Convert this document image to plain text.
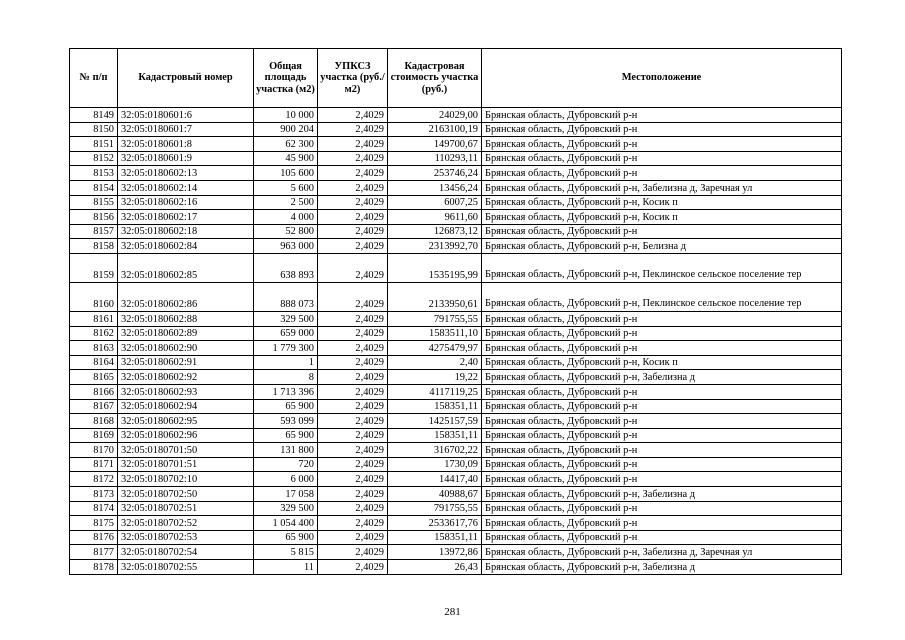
№ п/п	Кадастровый номер	Общая площадь участка (м2)	УПКСЗ участка (руб./м2)	Кадастровая стоимость участка (руб.)	Местоположение
8149	32:05:0180601:6	10 000	2,4029	24029,00	Брянская область, Дубровский р-н
8150	32:05:0180601:7	900 204	2,4029	2163100,19	Брянская область, Дубровский р-н
8151	32:05:0180601:8	62 300	2,4029	149700,67	Брянская область, Дубровский р-н
8152	32:05:0180601:9	45 900	2,4029	110293,11	Брянская область, Дубровский р-н
8153	32:05:0180602:13	105 600	2,4029	253746,24	Брянская область, Дубровский р-н
8154	32:05:0180602:14	5 600	2,4029	13456,24	Брянская область, Дубровский р-н, Забелизна д, Заречная ул
8155	32:05:0180602:16	2 500	2,4029	6007,25	Брянская область, Дубровский р-н, Косик п
8156	32:05:0180602:17	4 000	2,4029	9611,60	Брянская область, Дубровский р-н, Косик п
8157	32:05:0180602:18	52 800	2,4029	126873,12	Брянская область, Дубровский р-н
8158	32:05:0180602:84	963 000	2,4029	2313992,70	Брянская область, Дубровский р-н, Белизна д
8159	32:05:0180602:85	638 893	2,4029	1535195,99	Брянская область, Дубровский р-н, Пеклинское сельское поселение тер
8160	32:05:0180602:86	888 073	2,4029	2133950,61	Брянская область, Дубровский р-н, Пеклинское сельское поселение тер
8161	32:05:0180602:88	329 500	2,4029	791755,55	Брянская область, Дубровский р-н
8162	32:05:0180602:89	659 000	2,4029	1583511,10	Брянская область, Дубровский р-н
8163	32:05:0180602:90	1 779 300	2,4029	4275479,97	Брянская область, Дубровский р-н
8164	32:05:0180602:91	1	2,4029	2,40	Брянская область, Дубровский р-н, Косик п
8165	32:05:0180602:92	8	2,4029	19,22	Брянская область, Дубровский р-н, Забелизна д
8166	32:05:0180602:93	1 713 396	2,4029	4117119,25	Брянская область, Дубровский р-н
8167	32:05:0180602:94	65 900	2,4029	158351,11	Брянская область, Дубровский р-н
8168	32:05:0180602:95	593 099	2,4029	1425157,59	Брянская область, Дубровский р-н
8169	32:05:0180602:96	65 900	2,4029	158351,11	Брянская область, Дубровский р-н
8170	32:05:0180701:50	131 800	2,4029	316702,22	Брянская область, Дубровский р-н
8171	32:05:0180701:51	720	2,4029	1730,09	Брянская область, Дубровский р-н
8172	32:05:0180702:10	6 000	2,4029	14417,40	Брянская область, Дубровский р-н
8173	32:05:0180702:50	17 058	2,4029	40988,67	Брянская область, Дубровский р-н, Забелизна д
8174	32:05:0180702:51	329 500	2,4029	791755,55	Брянская область, Дубровский р-н
8175	32:05:0180702:52	1 054 400	2,4029	2533617,76	Брянская область, Дубровский р-н
8176	32:05:0180702:53	65 900	2,4029	158351,11	Брянская область, Дубровский р-н
8177	32:05:0180702:54	5 815	2,4029	13972,86	Брянская область, Дубровский р-н, Забелизна д, Заречная ул
8178	32:05:0180702:55	11	2,4029	26,43	Брянская область, Дубровский р-н, Забелизна д
281
